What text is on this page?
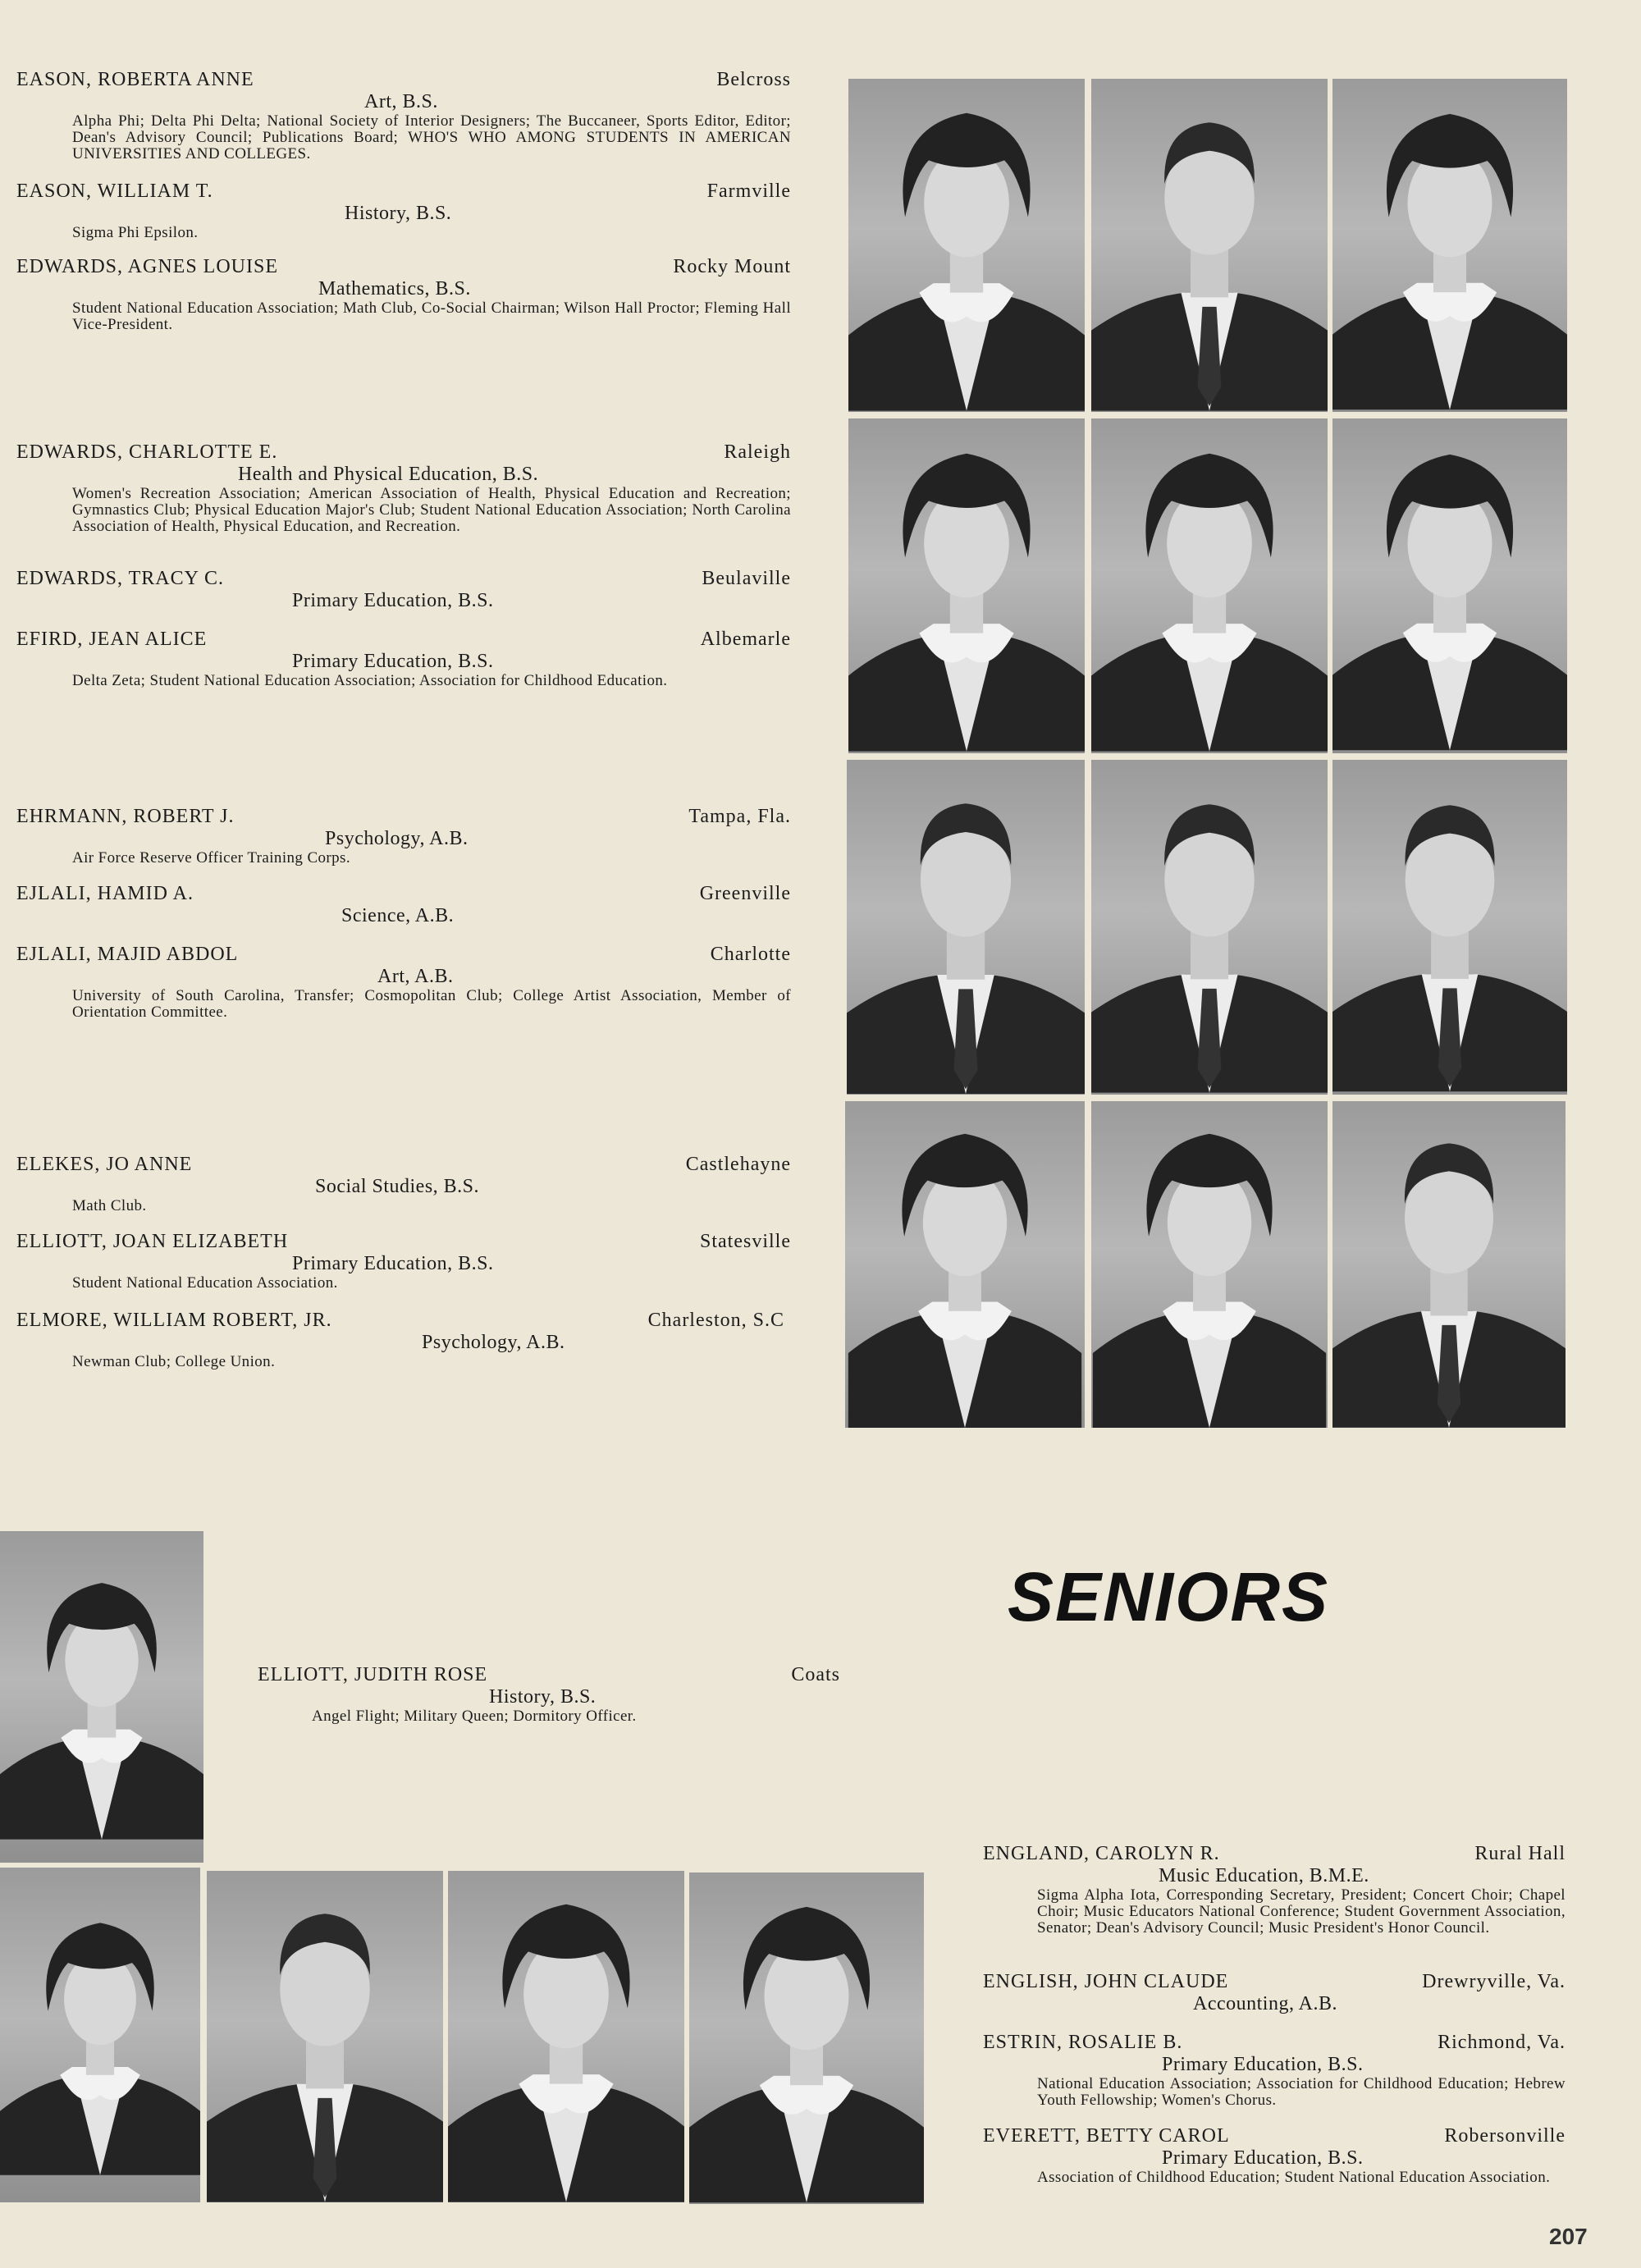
EASON, ROBERTA ANNE	Belcross
Art, B.S.
Alpha Phi; Delta Phi Delta; National Society of Interior Designers; The Buccaneer, Sports Editor, Editor; Dean's Advisory Council; Publications Board; WHO'S WHO AMONG STUDENTS IN AMERICAN UNIVERSITIES AND COLLEGES.
EASON, WILLIAM T.	Farmville
History, B.S.
Sigma Phi Epsilon.
EDWARDS, AGNES LOUISE	Rocky Mount
Mathematics, B.S.
Student National Education Association; Math Club, Co-Social Chairman; Wilson Hall Proctor; Fleming Hall Vice-President.
EDWARDS, CHARLOTTE E.	Raleigh
Health and Physical Education, B.S.
Women's Recreation Association; American Association of Health, Physical Education and Recreation; Gymnastics Club; Physical Education Major's Club; Student National Education Association; North Carolina Association of Health, Physical Education, and Recreation.
EDWARDS, TRACY C.	Beulaville
Primary Education, B.S.
EFIRD, JEAN ALICE	Albemarle
Primary Education, B.S.
Delta Zeta; Student National Education Association; Association for Childhood Education.
EHRMANN, ROBERT J.	Tampa, Fla.
Psychology, A.B.
Air Force Reserve Officer Training Corps.
EJLALI, HAMID A.	Greenville
Science, A.B.
EJLALI, MAJID ABDOL	Charlotte
Art, A.B.
University of South Carolina, Transfer; Cosmopolitan Club; College Artist Association, Member of Orientation Committee.
ELEKES, JO ANNE	Castlehayne
Social Studies, B.S.
Math Club.
ELLIOTT, JOAN ELIZABETH	Statesville
Primary Education, B.S.
Student National Education Association.
ELMORE, WILLIAM ROBERT, JR.	Charleston, S.C
Psychology, A.B.
Newman Club; College Union.
ELLIOTT, JUDITH ROSE	Coats
History, B.S.
Angel Flight; Military Queen; Dormitory Officer.
SENIORS
ENGLAND, CAROLYN R.	Rural Hall
Music Education, B.M.E.
Sigma Alpha Iota, Corresponding Secretary, President; Concert Choir; Chapel Choir; Music Educators National Conference; Student Government Association, Senator; Dean's Advisory Council; Music President's Honor Council.
ENGLISH, JOHN CLAUDE	Drewryville, Va.
Accounting, A.B.
ESTRIN, ROSALIE B.	Richmond, Va.
Primary Education, B.S.
National Education Association; Association for Childhood Education; Hebrew Youth Fellowship; Women's Chorus.
EVERETT, BETTY CAROL	Robersonville
Primary Education, B.S.
Association of Childhood Education; Student National Education Association.
207
